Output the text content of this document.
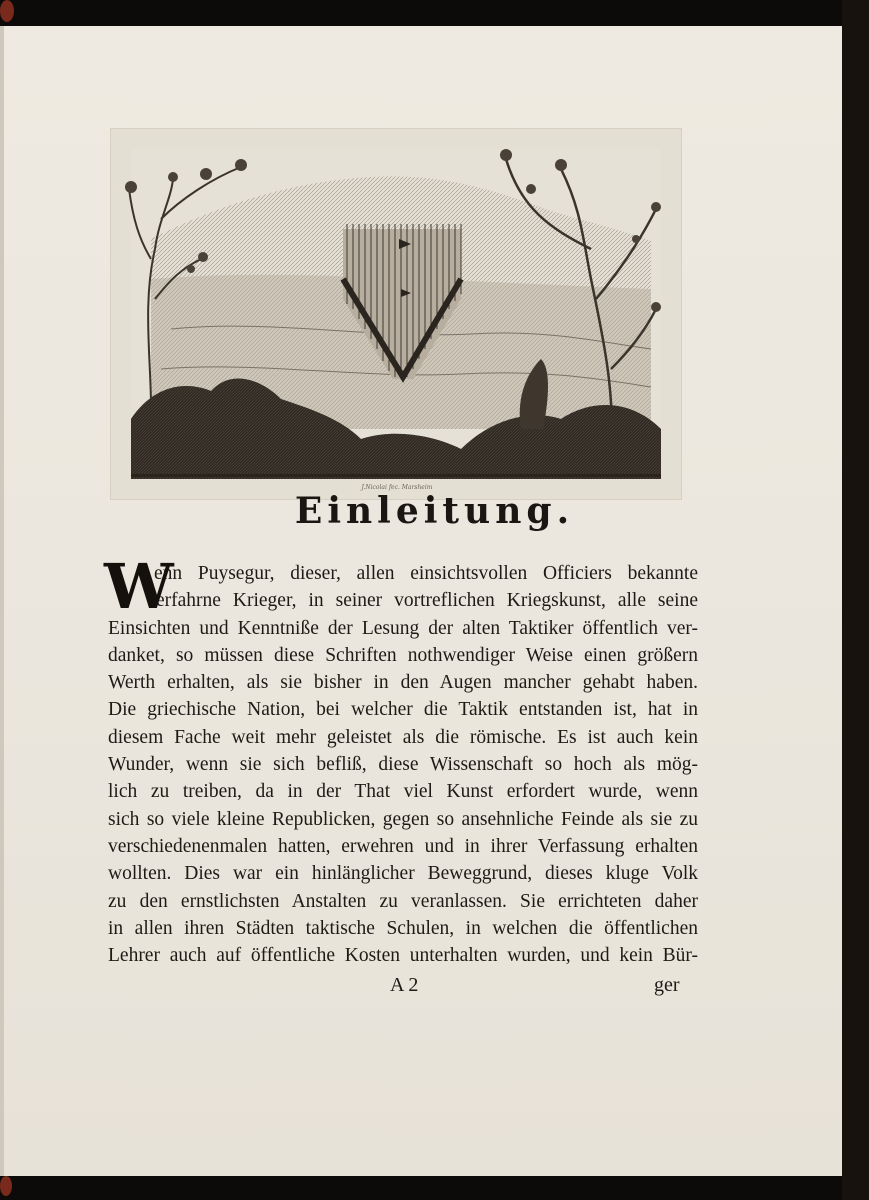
J.Nicolai fec. Marsheim
Einleitung.
W
enn Puysegur, dieser, allen einsichtsvollen Officiers bekannte
erfahrne Krieger, in seiner vortreflichen Kriegskunst, alle seine
Einsichten und Kenntniße der Lesung der alten Taktiker öffentlich ver-
danket, so müssen diese Schriften nothwendiger Weise einen größern
Werth erhalten, als sie bisher in den Augen mancher gehabt haben.
Die griechische Nation, bei welcher die Taktik entstanden ist, hat in
diesem Fache weit mehr geleistet als die römische. Es ist auch kein
Wunder, wenn sie sich befliß, diese Wissenschaft so hoch als mög-
lich zu treiben, da in der That viel Kunst erfordert wurde, wenn
sich so viele kleine Republicken, gegen so ansehnliche Feinde als sie zu
verschiedenenmalen hatten, erwehren und in ihrer Verfassung erhalten
wollten. Dies war ein hinlänglicher Beweggrund, dieses kluge Volk
zu den ernstlichsten Anstalten zu veranlassen. Sie errichteten daher
in allen ihren Städten taktische Schulen, in welchen die öffentlichen
Lehrer auch auf öffentliche Kosten unterhalten wurden, und kein Bür-
A 2	ger
